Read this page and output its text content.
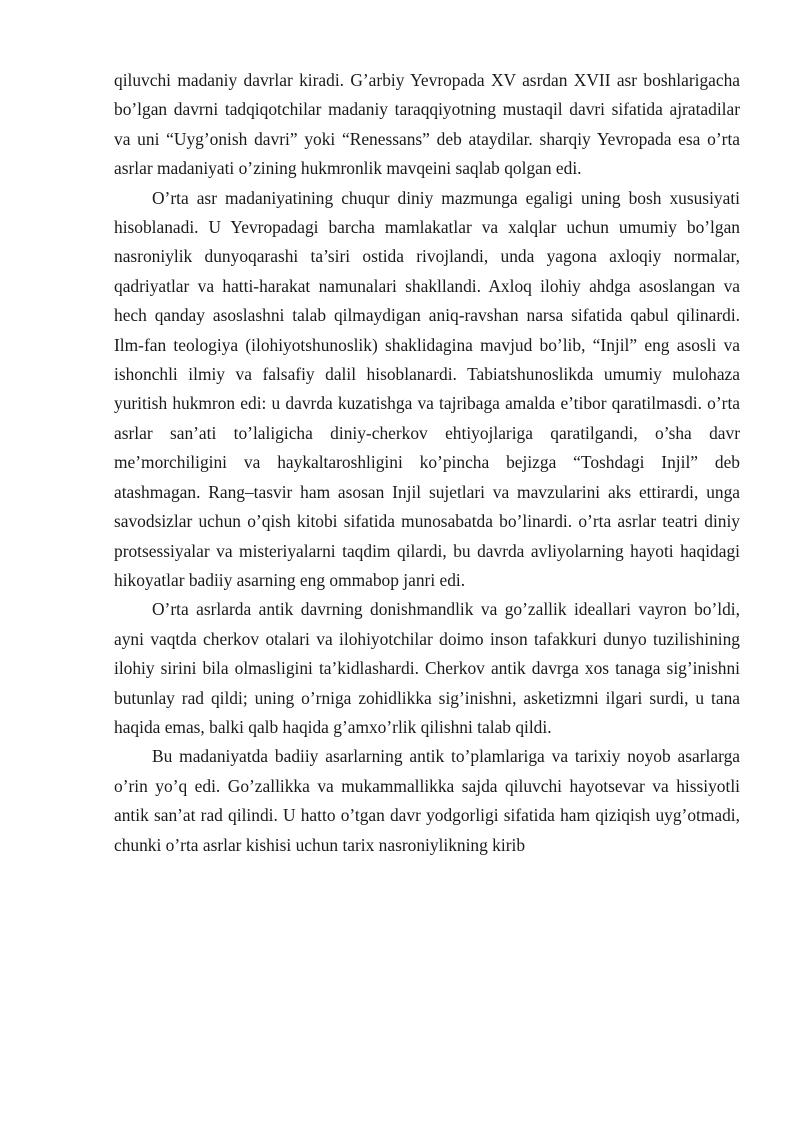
qiluvchi madaniy davrlar kiradi. G’arbiy Yevropada XV asrdan XVII asr boshlarigacha bo’lgan davrni tadqiqotchilar madaniy taraqqiyotning mustaqil davri sifatida ajratadilar va uni “Uyg’onish davri” yoki “Renessans” deb ataydilar. sharqiy Yevropada esa o’rta asrlar madaniyati o’zining hukmronlik mavqeini saqlab qolgan edi.

O’rta asr madaniyatining chuqur diniy mazmunga egaligi uning bosh xususiyati hisoblanadi. U Yevropadagi barcha mamlakatlar va xalqlar uchun umumiy bo’lgan nasroniylik dunyoqarashi ta’siri ostida rivojlandi, unda yagona axloqiy normalar, qadriyatlar va hatti-harakat namunalari shakllandi. Axloq ilohiy ahdga asoslangan va hech qanday asoslashni talab qilmaydigan aniq-ravshan narsa sifatida qabul qilinardi. Ilm-fan teologiya (ilohiyotshunoslik) shaklidagina mavjud bo’lib, “Injil” eng asosli va ishonchli ilmiy va falsafiy dalil hisoblanardi. Tabiatshunoslikda umumiy mulohaza yuritish hukmron edi: u davrda kuzatishga va tajribaga amalda e’tibor qaratilmasdi. o’rta asrlar san’ati to’laligicha diniy-cherkov ehtiyojlariga qaratilgandi, o’sha davr me’morchiligini va haykaltaroshligini ko’pincha bejizga “Toshdagi Injil” deb atashmagan. Rang–tasvir ham asosan Injil sujetlari va mavzularini aks ettirardi, unga savodsizlar uchun o’qish kitobi sifatida munosabatda bo’linardi. o’rta asrlar teatri diniy protsessiyalar va misteriyalarni taqdim qilardi, bu davrda avliyolarning hayoti haqidagi hikoyatlar badiiy asarning eng ommabop janri edi.

O’rta asrlarda antik davrning donishmandlik va go’zallik ideallari vayron bo’ldi, ayni vaqtda cherkov otalari va ilohiyotchilar doimo inson tafakkuri dunyo tuzilishining ilohiy sirini bila olmasligini ta’kidlashardi. Cherkov antik davrga xos tanaga sig’inishni butunlay rad qildi; uning o’rniga zohidlikka sig’inishni, asketizmni ilgari surdi, u tana haqida emas, balki qalb haqida g’amxo’rlik qilishni talab qildi.

Bu madaniyatda badiiy asarlarning antik to’plamlariga va tarixiy noyob asarlarga o’rin yo’q edi. Go’zallikka va mukammallikka sajda qiluvchi hayotsevar va hissiyotli antik san’at rad qilindi. U hatto o’tgan davr yodgorligi sifatida ham qiziqish uyg’otmadi, chunki o’rta asrlar kishisi uchun tarix nasroniylikning kirib
